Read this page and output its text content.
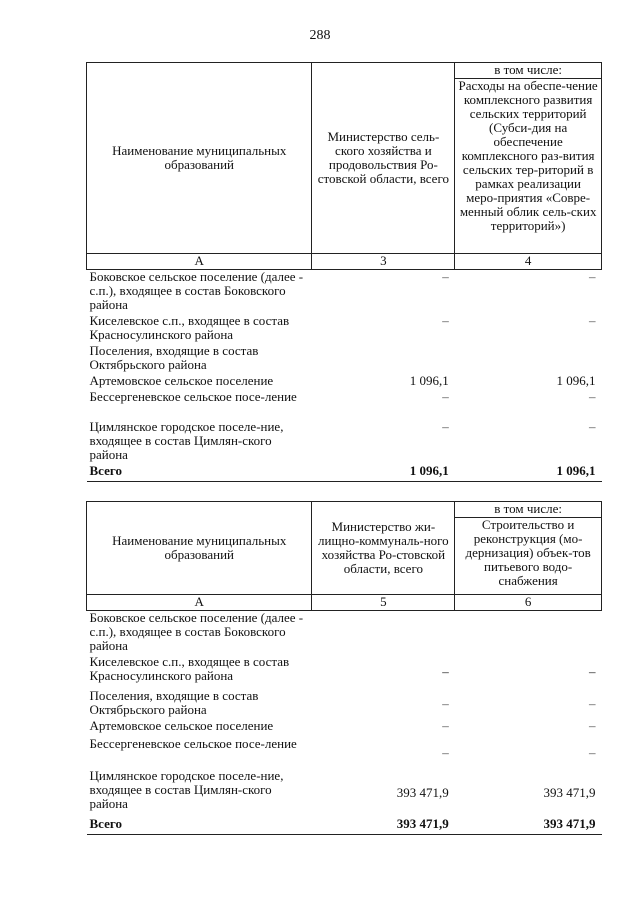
288
Наименование муниципальных образований	Министерство сель-ского хозяйства и продовольствия Ро-стовской области, всего	в том числе:
		Расходы на обеспе-чение комплексного развития сельских территорий (Субси-дия на обеспечение комплексного раз-вития сельских тер-риторий в рамках реализации меро-приятия «Совре-менный облик сель-ских территорий»)
А	3	4
Боковское сельское поселение (далее - с.п.), входящее в состав Боковского района	–	–
Киселевское с.п., входящее в состав Красносулинского района	–	–
Поселения, входящие в состав Октябрьского района		
Артемовское сельское поселение	1 096,1	1 096,1
Бессергеневское сельское посе-ление	–	–
Цимлянское городское поселе-ние, входящее в состав Цимлян-ского района	–	–
Всего	1 096,1	1 096,1
Наименование муниципальных образований	Министерство жи-лищно-коммуналь-ного хозяйства Ро-стовской области, всего	в том числе:
		Строительство и реконструкция (мо-дернизация) объек-тов питьевого водо-снабжения
А	5	6
Боковское сельское поселение (далее - с.п.), входящее в состав Боковского района		
Киселевское с.п., входящее в состав Красносулинского района	–	–
Поселения, входящие в состав Октябрьского района	–	–
Артемовское сельское поселение	–	–
Бессергеневское сельское посе-ление	–	–
Цимлянское городское поселе-ние, входящее в состав Цимлян-ского района	393 471,9	393 471,9
Всего	393 471,9	393 471,9
